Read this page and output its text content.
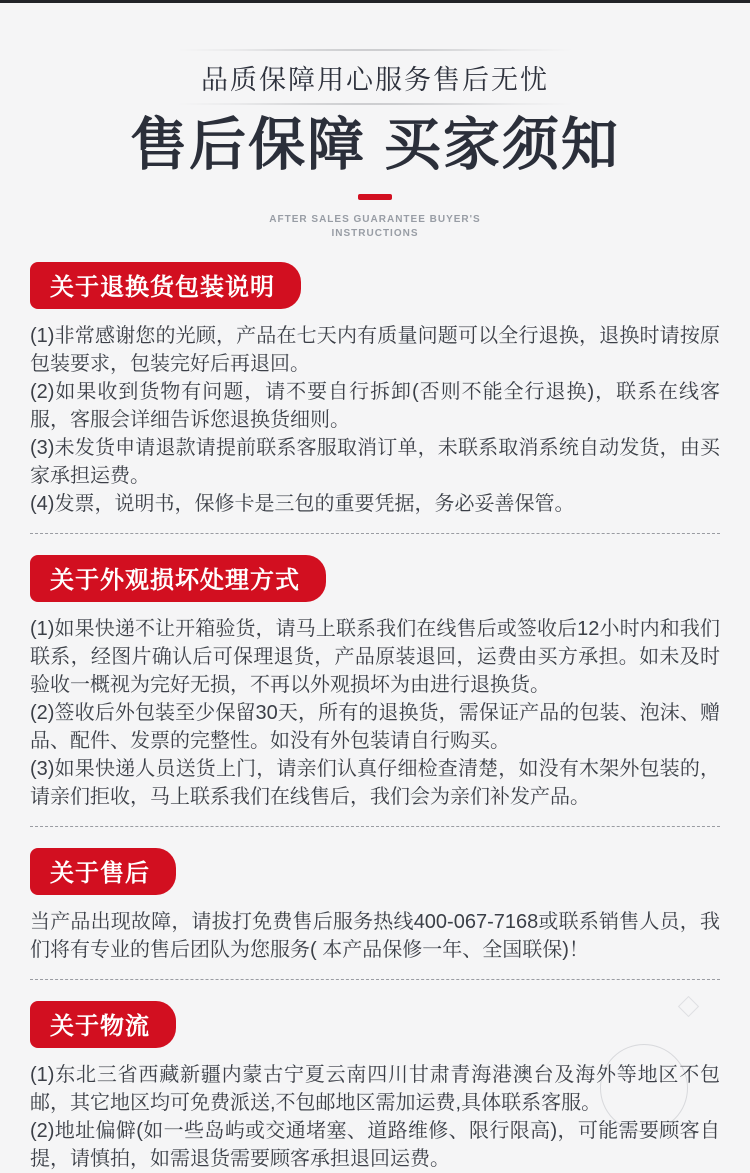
品质保障用心服务售后无忧
售后保障 买家须知
AFTER SALES GUARANTEE BUYER'S
INSTRUCTIONS
关于退换货包装说明

(1)非常感谢您的光顾，产品在七天内有质量问题可以全行退换，退换时请按原包装要求，包装完好后再退回。

(2)如果收到货物有问题，请不要自行拆卸(否则不能全行退换)，联系在线客服，客服会详细告诉您退换货细则。

(3)未发货申请退款请提前联系客服取消订单，未联系取消系统自动发货，由买家承担运费。

(4)发票，说明书，保修卡是三包的重要凭据，务必妥善保管。

关于外观损坏处理方式

(1)如果快递不让开箱验货，请马上联系我们在线售后或签收后12小时内和我们联系，经图片确认后可保理退货，产品原装退回，运费由买方承担。如未及时验收一概视为完好无损，不再以外观损坏为由进行退换货。

(2)签收后外包装至少保留30天，所有的退换货，需保证产品的包装、泡沫、赠品、配件、发票的完整性。如没有外包装请自行购买。

(3)如果快递人员送货上门，请亲们认真仔细检查清楚，如没有木架外包装的，请亲们拒收，马上联系我们在线售后，我们会为亲们补发产品。

关于售后

当产品出现故障，请拔打免费售后服务热线400-067-7168或联系销售人员，我们将有专业的售后团队为您服务( 本产品保修一年、全国联保)！

关于物流

(1)东北三省西藏新疆内蒙古宁夏云南四川甘肃青海港澳台及海外等地区不包邮，其它地区均可免费派送,不包邮地区需加运费,具体联系客服。

(2)地址偏僻(如一些岛屿或交通堵塞、道路维修、限行限高)，可能需要顾客自提，请慎拍，如需退货需要顾客承担退回运费。
